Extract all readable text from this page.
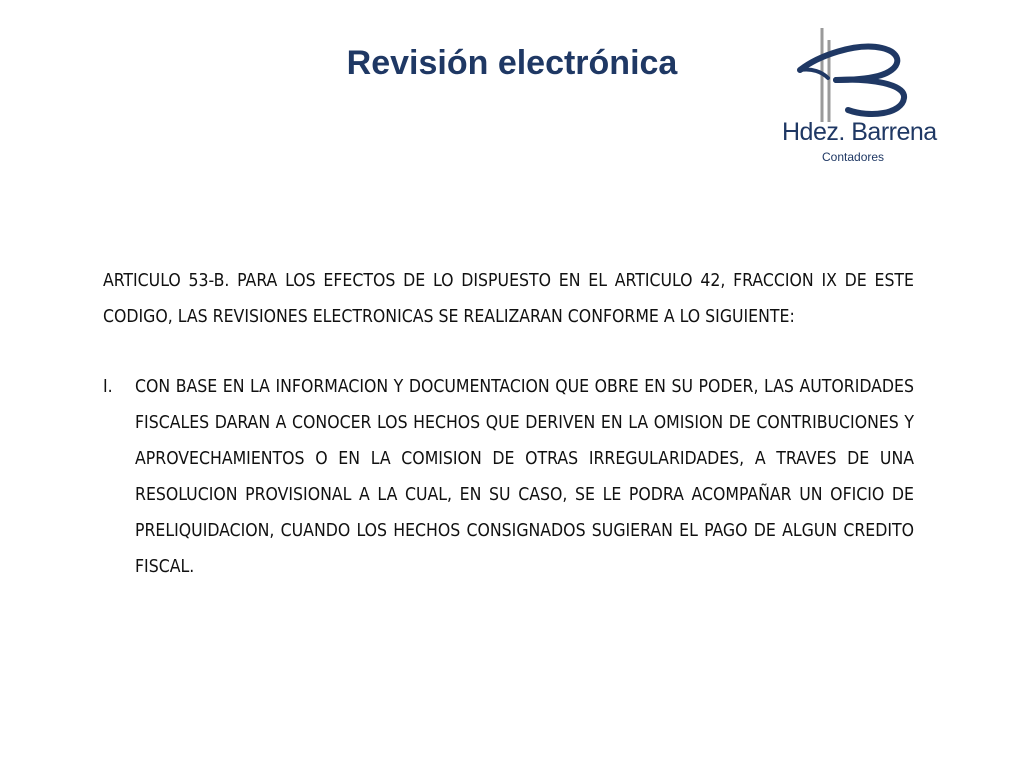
Revisión electrónica
Hdez. Barrena
Contadores

ARTICULO 53-B. PARA LOS EFECTOS DE LO DISPUESTO EN EL ARTICULO 42, FRACCION IX DE ESTE CODIGO, LAS REVISIONES ELECTRONICAS SE REALIZARAN CONFORME A LO SIGUIENTE:

I. CON BASE EN LA INFORMACION Y DOCUMENTACION QUE OBRE EN SU PODER, LAS AUTORIDADES FISCALES DARAN A CONOCER LOS HECHOS QUE DERIVEN EN LA OMISION DE CONTRIBUCIONES Y APROVECHAMIENTOS O EN LA COMISION DE OTRAS IRREGULARIDADES, A TRAVES DE UNA RESOLUCION PROVISIONAL A LA CUAL, EN SU CASO, SE LE PODRA ACOMPAÑAR UN OFICIO DE PRELIQUIDACION, CUANDO LOS HECHOS CONSIGNADOS SUGIERAN EL PAGO DE ALGUN CREDITO FISCAL.
